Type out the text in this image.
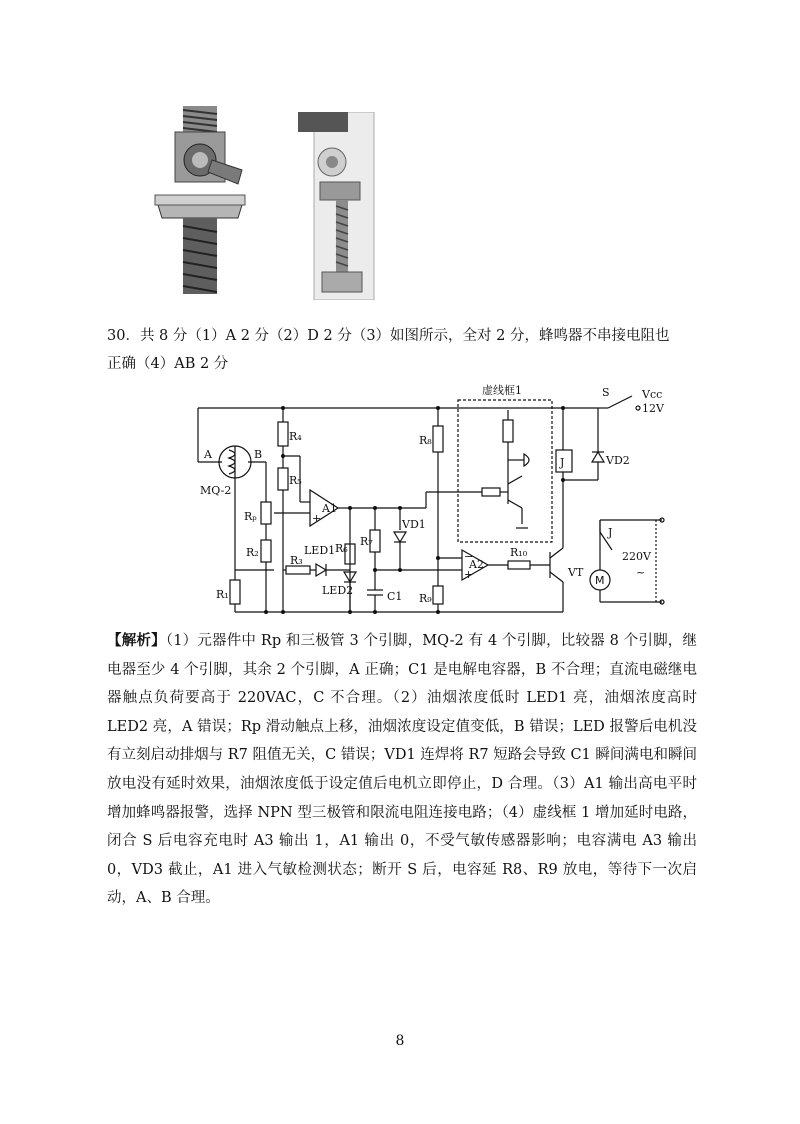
30．共 8 分（1）A 2 分（2）D 2 分（3）如图所示，全对 2 分，蜂鸣器不串接电阻也
正确（4）AB 2 分
虚线框1	Vcc
12V
S
A	B
MQ-2
R₄
R₅
Rₚ
R₂
R₁
R₃
LED1
LED2
R₆
R₇
VD1
C1
R₈
R₉
R₁₀
A1
A2
VT
J	VD2
J
220V
~
M
+
+
−
【解析】（1）元器件中 Rp 和三极管 3 个引脚，MQ-2 有 4 个引脚，比较器 8 个引脚，继电器至少 4 个引脚，其余 2 个引脚，A 正确；C1 是电解电容器，B 不合理；直流电磁继电器触点负荷要高于 220VAC，C 不合理。（2）油烟浓度低时 LED1 亮，油烟浓度高时 LED2 亮，A 错误；Rp 滑动触点上移，油烟浓度设定值变低，B 错误；LED 报警后电机没有立刻启动排烟与 R7 阻值无关，C 错误；VD1 连焊将 R7 短路会导致 C1 瞬间满电和瞬间放电没有延时效果，油烟浓度低于设定值后电机立即停止，D 合理。（3）A1 输出高电平时增加蜂鸣器报警，选择 NPN 型三极管和限流电阻连接电路；（4）虚线框 1 增加延时电路，闭合 S 后电容充电时 A3 输出 1，A1 输出 0，不受气敏传感器影响；电容满电 A3 输出 0，VD3 截止，A1 进入气敏检测状态；断开 S 后，电容延 R8、R9 放电，等待下一次启动，A、B 合理。
8
